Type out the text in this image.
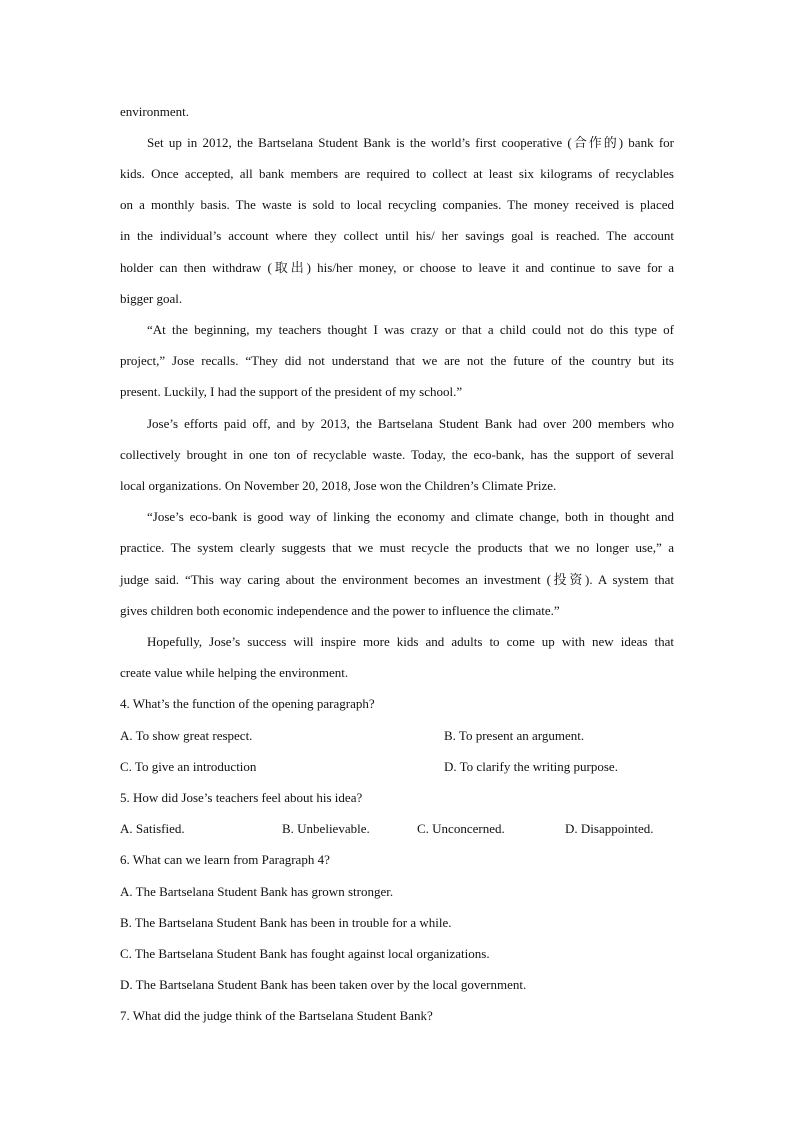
environment.
Set up in 2012, the Bartselana Student Bank is the world’s first cooperative (合作的) bank for
kids. Once accepted, all bank members are required to collect at least six kilograms of recyclables
on a monthly basis. The waste is sold to local recycling companies. The money received is placed
in the individual’s account where they collect until his/ her savings goal is reached. The account
holder can then withdraw (取出) his/her money, or choose to leave it and continue to save for a
bigger goal.
“At the beginning, my teachers thought I was crazy or that a child could not do this type of
project,” Jose recalls. “They did not understand that we are not the future of the country but its
present. Luckily, I had the support of the president of my school.”
Jose’s efforts paid off, and by 2013, the Bartselana Student Bank had over 200 members who
collectively brought in one ton of recyclable waste. Today, the eco-bank, has the support of several
local organizations. On November 20, 2018, Jose won the Children’s Climate Prize.
“Jose’s eco-bank is good way of linking the economy and climate change, both in thought and
practice. The system clearly suggests that we must recycle the products that we no longer use,” a
judge said. “This way caring about the environment becomes an investment (投资). A system that
gives children both economic independence and the power to influence the climate.”
Hopefully, Jose’s success will inspire more kids and adults to come up with new ideas that
create value while helping the environment.
4. What’s the function of the opening paragraph?
A. To show great respect.	B. To present an argument.
C. To give an introduction	D. To clarify the writing purpose.
5. How did Jose’s teachers feel about his idea?
A. Satisfied.	B. Unbelievable.	C. Unconcerned.	D. Disappointed.
6. What can we learn from Paragraph 4?
A. The Bartselana Student Bank has grown stronger.
B. The Bartselana Student Bank has been in trouble for a while.
C. The Bartselana Student Bank has fought against local organizations.
D. The Bartselana Student Bank has been taken over by the local government.
7. What did the judge think of the Bartselana Student Bank?
